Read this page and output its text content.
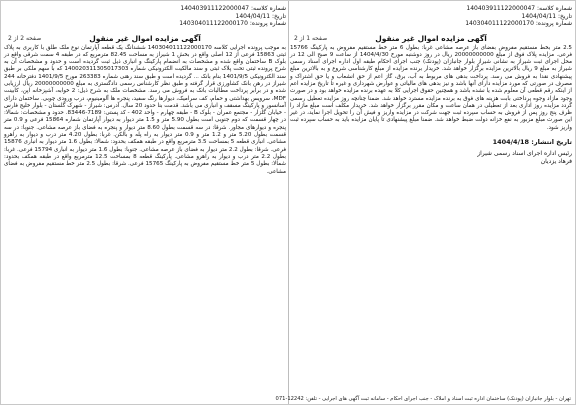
شماره کلاسه: 140403911122000047
تاریخ: 1404/04/11
شماره پرونده: 140304011122000170
صفحه 1 از 2	آگهی مزایده اموال غیر منقول
2.5 متر بخط مستقیم مفروض بفضای باز عرصه مشاعی غربا: بطول 6 متر خط مستقیم مفروض به پارکینگ 15766 فرعی. مزایده پلاک فوق از مبلغ 20000000000 ریال در روز دوشنبه مورخ 1404/4/30 از ساعت 9 صبح الی 12 در محل اجرای ثبت شیراز به نشانی شیراز بلوار جانبازان (پودنک) جنب اجرای احکام طبقه اول اداره اجرای اسناد رسمی شیراز به مبلغ 9 ریال بالاترین مزایده برگزار خواهد شد. خریدار برنده مزایده از مبلغ کارشناسی شروع و به بالاترین مبلغ پیشنهادی نقدا به فروش می رسد. پرداخت بدهی های مربوط به آب، برق، گاز اعم از حق انشعاب و یا حق اشتراک و مصرف در صورتی که مورد مزایده دارای آنها باشد و نیز بدهی های مالیاتی و عوارض شهرداری و غیره تا تاریخ مزایده اعم از اینکه رقم قطعی آن معلوم شده یا نشده باشد و همچنین حقوق اجرایی کلا به عهده برنده مزایده خواهد بود و در صورت وجود مازاد وجوه پرداختی بابت هزینه های فوق به برنده مزایده مسترد خواهد شد. ضمنا چنانچه روز مزایده تعطیل رسمی گردد مزایده روز اداری بعد از تعطیلی در همان ساعت و مکان مقرر برگزار خواهد شد. خریدار مکلف است مبلغ مازاد را ظرف پنج روز پس از فروش به حساب سپرده ثبت جهت شرکت در مزایده واریز و فیش آن را تحویل اجرا نماید، در غیر این صورت مبلغ مزبور به نفع خزانه دولت ضبط خواهد شد. ضمنا مبلغ پیشنهادی تا پایان مزایده باید به حساب سپرده ثبت واریز شود.
تاریخ انتشار: 1404/4/18
رئیس اداره اجرای اسناد رسمی شیراز
فرهاد یزدیان
شماره کلاسه: 140403911122000047
تاریخ: 1404/04/11
شماره پرونده: 140304011122000170
صفحه 2 از 2	آگهی مزایده اموال غیر منقول
به موجب پرونده اجرایی کلاسه 140304011122000170 ششدانگ یک قطعه آپارتمان نوع ملک طلق با کاربری به پلاک ثبتی 15863 فرعی از 12 اصلی واقع در بخش 1 شیراز به مساحت 82.45 مترمربع که در طبقه 4 سمت شرقی واقع در بلوک B ساختمان واقع شده و مشخصات به انضمام پارکینگ و انباری ذیل ثبت گردیده است و حدود و مشخصات آن به شرح پرونده ثبتی تحت پلاک ثبتی و سند مالکیت الکترونیکی شماره 140020311305017303 که با سهم ملکی بر طبق سند الکترونیکی 1401/9/5 بنام بانک ... گردیده است و طبق سند رهنی شماره 263383 مورخ 1401/9/5 دفترخانه 244 شیراز در رهن بانک کشاورزی قرار گرفته و طبق نظر کارشناس رسمی دادگستری به مبلغ 20000000000 ریال ارزیابی شده و در برابر پرداخت مطالبات بانک به فروش می رسد. مشخصات ملک به شرح ذیل: 2 خوابه، آشپزخانه اپن، کابینت MDF، سرویس بهداشتی و حمام، کف سرامیک، دیوارها رنگ سفید، پنجره ها آلومینیوم، درب ورودی چوبی. ساختمان دارای آسانسور و پارکینگ مسقف و انباری می باشد. قدمت بنا حدود 20 سال. آدرس: شیراز - شهرک گلستان - بلوار خلیج فارس - خیابان گلزار - مجتمع عمران - بلوک B - طبقه چهارم - واحد 402 - کد پستی: 7189-83446. حدود و مشخصات: شمالا: در چهار قسمت که دوم جنوبی است بطول 5.90 متر و 1.5 متر دیوار به دیوار آپارتمان شماره 15864 فرعی و 0.9 متر پنجره و دیوارهای مجاور. شرقا: در سه قسمت بطول 8.60 متر دیوار و پنجره به فضای باز عرصه مشاعی. جنوبا: در سه قسمت بطول 5.20 متر و 1.2 متر و 0.9 متر دیوار به راه پله و بالکن. غربا: بطول 4.20 متر درب و دیوار به راهرو مشاعی. انباری قطعه 5 بمساحت 3.5 مترمربع واقع در طبقه همکف بحدود: شمالا: بطول 1.6 متر دیوار به انباری 15876 فرعی. شرقا: بطول 2.2 متر دیوار به فضای باز عرصه مشاعی. جنوبا: بطول 1.6 متر دیوار به انباری 15794 فرعی. غربا: بطول 2.2 متر درب و دیوار به راهرو مشاعی. پارکینگ قطعه 8 بمساحت 12.5 مترمربع واقع در طبقه همکف بحدود: شمالا: بطول 5 متر خط مستقیم مفروض به پارکینگ 15765 فرعی. شرقا: بطول 2.5 متر خط مستقیم مفروض به فضای مشاعی.
تهران - بلوار جانبازان (پودنک) ساختمان اداره ثبت اسناد و املاک - جنب اجرای احکام - سامانه ثبت آگهی های اجرایی - تلفن: 12242-071
